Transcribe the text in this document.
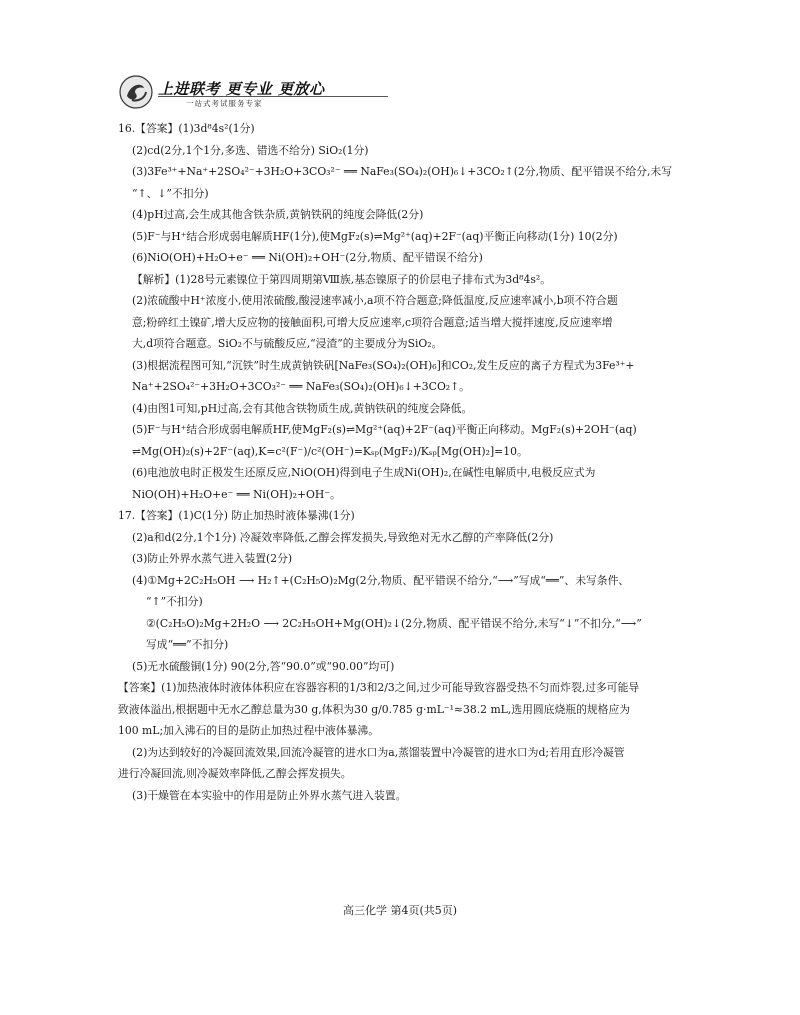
上进联考 更专业 更放心
一站式考试服务专家
16.【答案】(1)3d⁸4s²(1分)
(2)cd(2分,1个1分,多选、错选不给分) SiO₂(1分)
(3)3Fe³⁺+Na⁺+2SO₄²⁻+3H₂O+3CO₃²⁻ ══ NaFe₃(SO₄)₂(OH)₆↓+3CO₂↑(2分,物质、配平错误不给分,未写
“↑、↓”不扣分)
(4)pH过高,会生成其他含铁杂质,黄钠铁矾的纯度会降低(2分)
(5)F⁻与H⁺结合形成弱电解质HF(1分),使MgF₂(s)⇌Mg²⁺(aq)+2F⁻(aq)平衡正向移动(1分) 10(2分)
(6)NiO(OH)+H₂O+e⁻ ══ Ni(OH)₂+OH⁻(2分,物质、配平错误不给分)
【解析】(1)28号元素镍位于第四周期第Ⅷ族,基态镍原子的价层电子排布式为3d⁸4s²。
(2)浓硫酸中H⁺浓度小,使用浓硫酸,酸浸速率减小,a项不符合题意;降低温度,反应速率减小,b项不符合题
意;粉碎红土镍矿,增大反应物的接触面积,可增大反应速率,c项符合题意;适当增大搅拌速度,反应速率增
大,d项符合题意。SiO₂不与硫酸反应,“浸渣”的主要成分为SiO₂。
(3)根据流程图可知,“沉铁”时生成黄钠铁矾[NaFe₃(SO₄)₂(OH)₆]和CO₂,发生反应的离子方程式为3Fe³⁺+
Na⁺+2SO₄²⁻+3H₂O+3CO₃²⁻ ══ NaFe₃(SO₄)₂(OH)₆↓+3CO₂↑。
(4)由图1可知,pH过高,会有其他含铁物质生成,黄钠铁矾的纯度会降低。
(5)F⁻与H⁺结合形成弱电解质HF,使MgF₂(s)⇌Mg²⁺(aq)+2F⁻(aq)平衡正向移动。MgF₂(s)+2OH⁻(aq)
⇌Mg(OH)₂(s)+2F⁻(aq),K=c²(F⁻)/c²(OH⁻)=Kₛₚ(MgF₂)/Kₛₚ[Mg(OH)₂]=10。
(6)电池放电时正极发生还原反应,NiO(OH)得到电子生成Ni(OH)₂,在碱性电解质中,电极反应式为
NiO(OH)+H₂O+e⁻ ══ Ni(OH)₂+OH⁻。
17.【答案】(1)C(1分) 防止加热时液体暴沸(1分)
(2)a和d(2分,1个1分) 冷凝效率降低,乙醇会挥发损失,导致绝对无水乙醇的产率降低(2分)
(3)防止外界水蒸气进入装置(2分)
(4)①Mg+2C₂H₅OH ⟶ H₂↑+(C₂H₅O)₂Mg(2分,物质、配平错误不给分,“⟶”写成“══”、未写条件、
“↑”不扣分)
②(C₂H₅O)₂Mg+2H₂O ⟶ 2C₂H₅OH+Mg(OH)₂↓(2分,物质、配平错误不给分,未写“↓”不扣分,“⟶”
写成“══”不扣分)
(5)无水硫酸铜(1分) 90(2分,答“90.0”或“90.00”均可)
【答案】(1)加热液体时液体体积应在容器容积的1/3和2/3之间,过少可能导致容器受热不匀而炸裂,过多可能导
致液体溢出,根据题中无水乙醇总量为30 g,体积为30 g/0.785 g·mL⁻¹≈38.2 mL,选用圆底烧瓶的规格应为
100 mL;加入沸石的目的是防止加热过程中液体暴沸。
(2)为达到较好的冷凝回流效果,回流冷凝管的进水口为a,蒸馏装置中冷凝管的进水口为d;若用直形冷凝管
进行冷凝回流,则冷凝效率降低,乙醇会挥发损失。
(3)干燥管在本实验中的作用是防止外界水蒸气进入装置。
高三化学 第4页(共5页)
